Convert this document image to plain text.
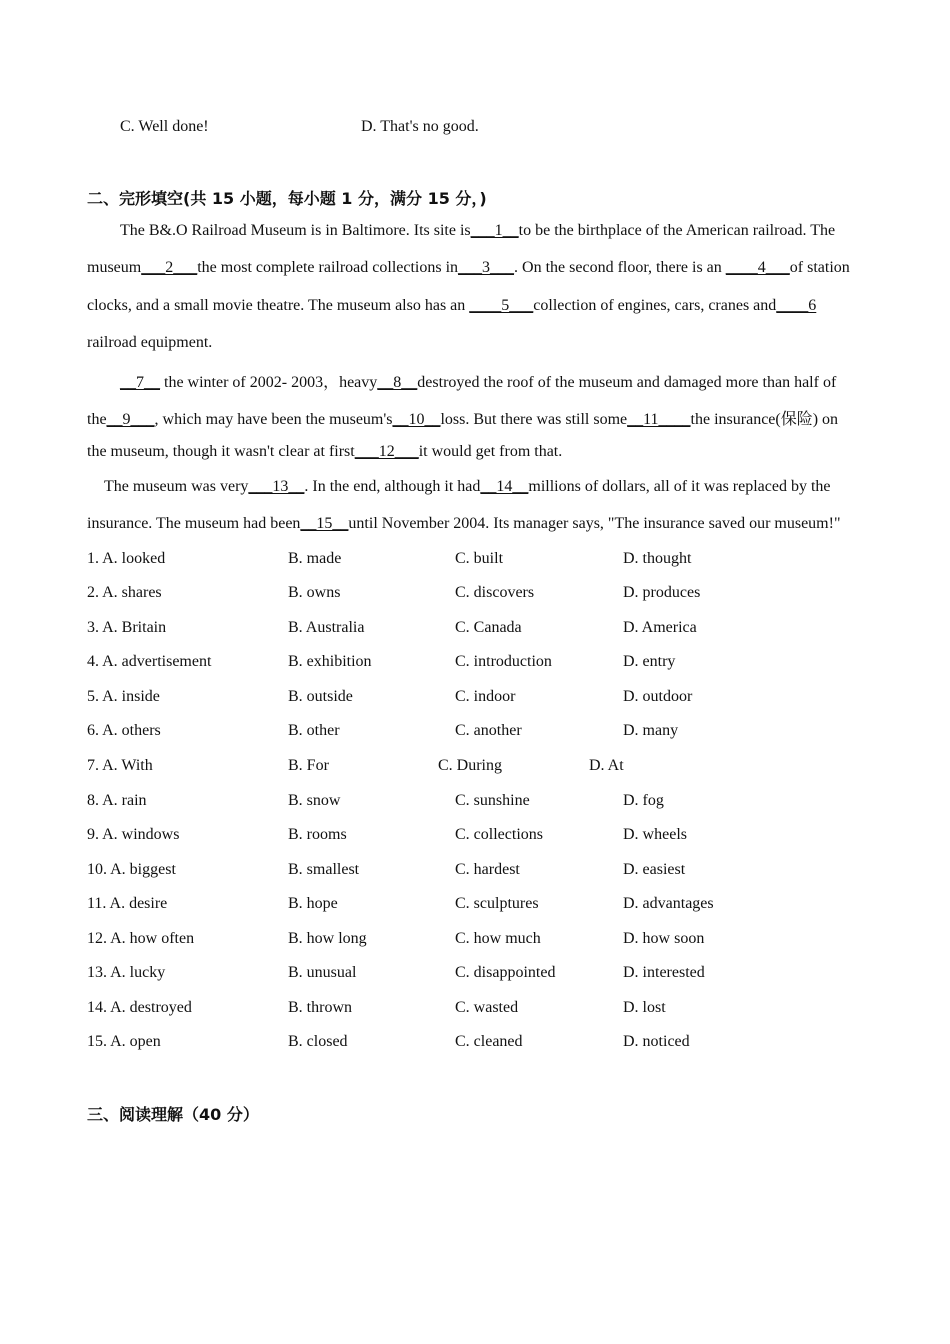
C. Well done!	D. That's no good.
二、完形填空(共 15 小题，每小题 1 分，满分 15 分，)
The B&.O Railroad Museum is in Baltimore. Its site is___1__to be the birthplace of the American railroad. The
museum___2___the most complete railroad collections in___3___. On the second floor, there is an ____4___of station
clocks, and a small movie theatre. The museum also has an ____5___collection of engines, cars, cranes and____6
railroad equipment.
__7__ the winter of 2002- 2003，heavy__8__destroyed the roof of the museum and damaged more than half of
the__9___, which may have been the museum's__10__loss. But there was still some__11____the insurance(保险) on
the museum, though it wasn't clear at first___12___it would get from that.
The museum was very___13__. In the end, although it had__14__millions of dollars, all of it was replaced by the
insurance. The museum had been__15__until November 2004. Its manager says, "The insurance saved our museum!"
1. A. looked	B. made	C. built	D. thought
2. A. shares	B. owns	C. discovers	D. produces
3. A. Britain	B. Australia	C. Canada	D. America
4. A. advertisement	B. exhibition	C. introduction	D. entry
5. A. inside	B. outside	C. indoor	D. outdoor
6. A. others	B. other	C. another	D. many
7. A. With	B. For	C. During	D. At
8. A. rain	B. snow	C. sunshine	D. fog
9. A. windows	B. rooms	C. collections	D. wheels
10. A. biggest	B. smallest	C. hardest	D. easiest
11. A. desire	B. hope	C. sculptures	D. advantages
12. A. how often	B. how long	C. how much	D. how soon
13. A. lucky	B. unusual	C. disappointed	D. interested
14. A. destroyed	B. thrown	C. wasted	D. lost
15. A. open	B. closed	C. cleaned	D. noticed
三、阅读理解（40 分）
